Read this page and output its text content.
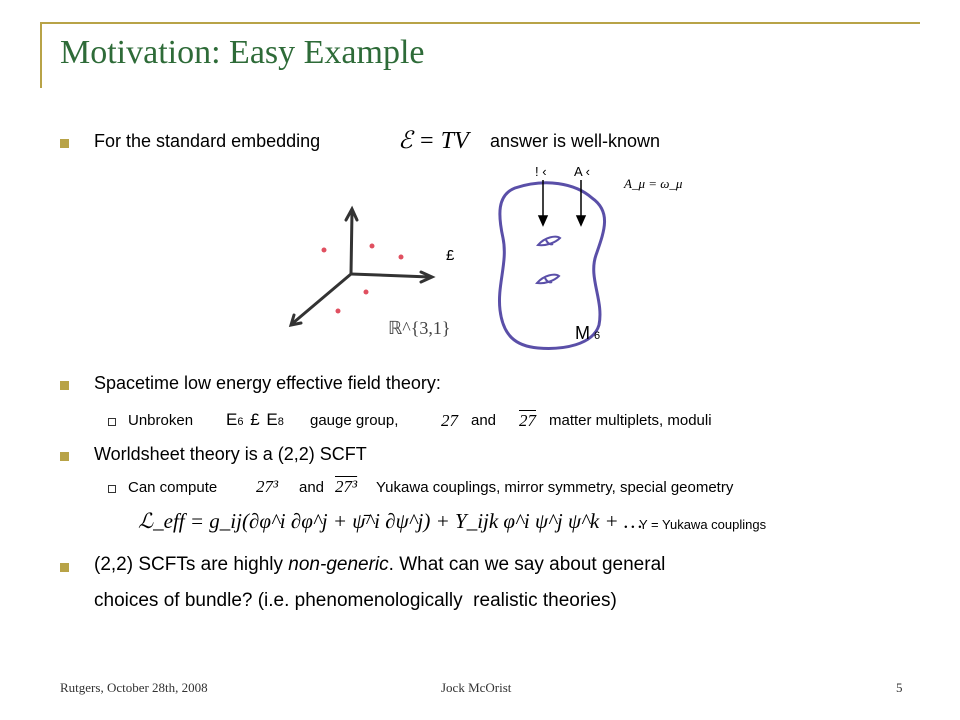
Motivation: Easy Example
For the standard embedding	ℰ = TV answer is well-known
! ‹ A ‹
A_μ = ω_μ
£
ℝ^{3,1}	M 6
Spacetime low energy effective field theory:
Unbroken E6 £ E8 gauge group,	27 and 27 matter multiplets, moduli
Worldsheet theory is a (2,2) SCFT
Can compute 27³ and 27³ Yukawa couplings, mirror symmetry, special geometry
ℒ_eff = g_ij(∂φ^i ∂φ^j + ψ̄^i ∂ψ^j) + Y_ijk φ^i ψ^j ψ^k + …
Y = Yukawa couplings
(2,2) SCFTs are highly non-generic. What can we say about general
choices of bundle? (i.e. phenomenologically  realistic theories)
Rutgers, October 28th, 2008	Jock McOrist	5
